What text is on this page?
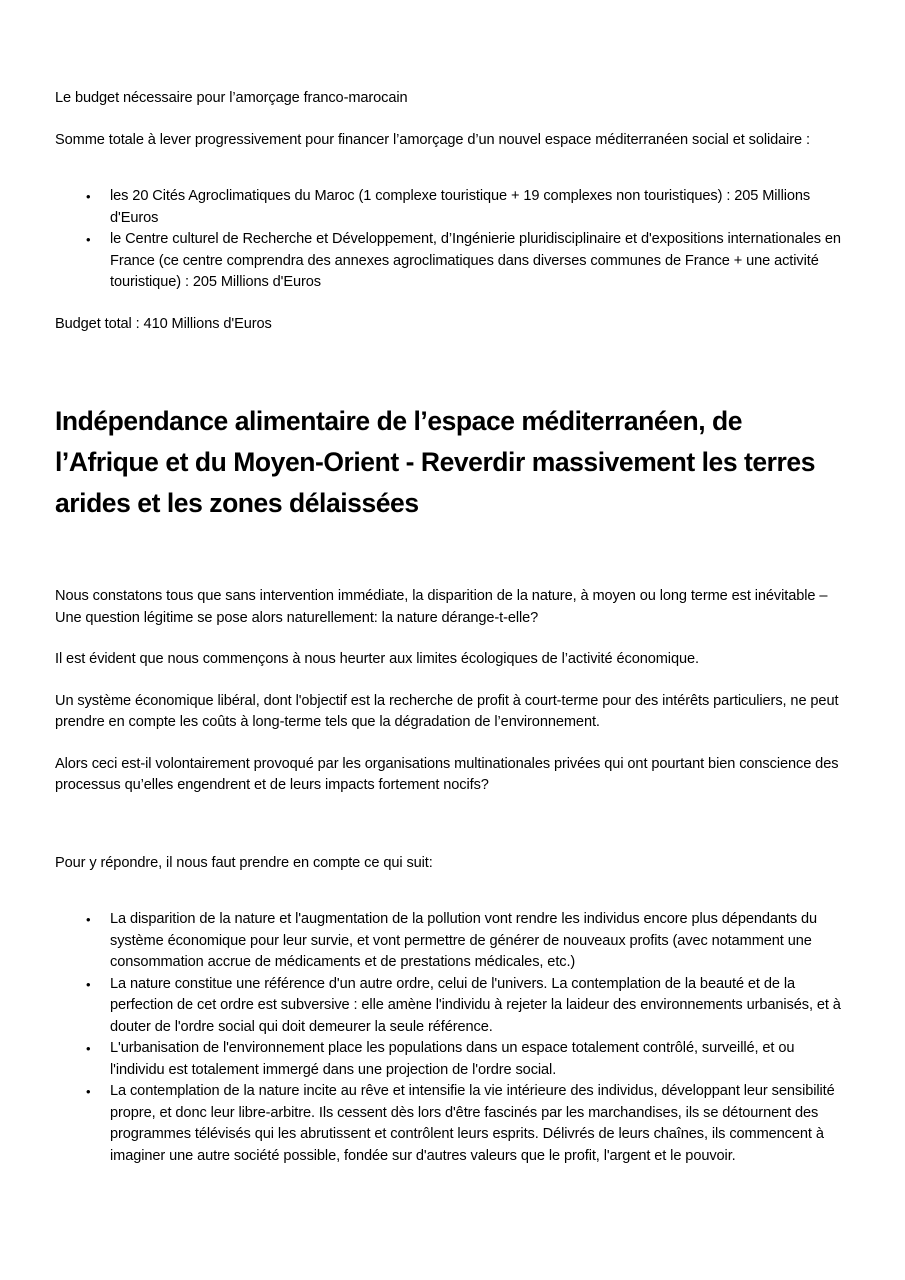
Le budget nécessaire pour l’amorçage franco-marocain

Somme totale à lever progressivement pour financer l’amorçage d’un nouvel espace méditerranéen social et solidaire :

• les 20 Cités Agroclimatiques du Maroc (1 complexe touristique + 19 complexes non touristiques) : 205 Millions d'Euros
• le Centre culturel de Recherche et Développement, d’Ingénierie pluridisciplinaire et d'expositions internationales en France (ce centre comprendra des annexes agroclimatiques dans diverses communes de France + une activité touristique) : 205 Millions d'Euros

Budget total : 410 Millions d'Euros

Indépendance alimentaire de l’espace méditerranéen, de l’Afrique et du Moyen-Orient - Reverdir massivement les terres arides et les zones délaissées

Nous constatons tous que sans intervention immédiate, la disparition de la nature, à moyen ou long terme est inévitable – Une question légitime se pose alors naturellement: la nature dérange-t-elle?

Il est évident que nous commençons à nous heurter aux limites écologiques de l’activité économique.

Un système économique libéral, dont l'objectif est la recherche de profit à court-terme pour des intérêts particuliers, ne peut prendre en compte les coûts à long-terme tels que la dégradation de l’environnement.

Alors ceci est-il volontairement provoqué par les organisations multinationales privées qui ont pourtant bien conscience des processus qu’elles engendrent et de leurs impacts fortement nocifs?

Pour y répondre, il nous faut prendre en compte ce qui suit:

• La disparition de la nature et l'augmentation de la pollution vont rendre les individus encore plus dépendants du système économique pour leur survie, et vont permettre de générer de nouveaux profits (avec notamment une consommation accrue de médicaments et de prestations médicales, etc.)
• La nature constitue une référence d'un autre ordre, celui de l'univers. La contemplation de la beauté et de la perfection de cet ordre est subversive : elle amène l'individu à rejeter la laideur des environnements urbanisés, et à douter de l'ordre social qui doit demeurer la seule référence.
• L'urbanisation de l'environnement place les populations dans un espace totalement contrôlé, surveillé, et ou l'individu est totalement immergé dans une projection de l'ordre social.
• La contemplation de la nature incite au rêve et intensifie la vie intérieure des individus, développant leur sensibilité propre, et donc leur libre-arbitre. Ils cessent dès lors d'être fascinés par les marchandises, ils se détournent des programmes télévisés qui les abrutissent et contrôlent leurs esprits. Délivrés de leurs chaînes, ils commencent à imaginer une autre société possible, fondée sur d'autres valeurs que le profit, l'argent et le pouvoir.
